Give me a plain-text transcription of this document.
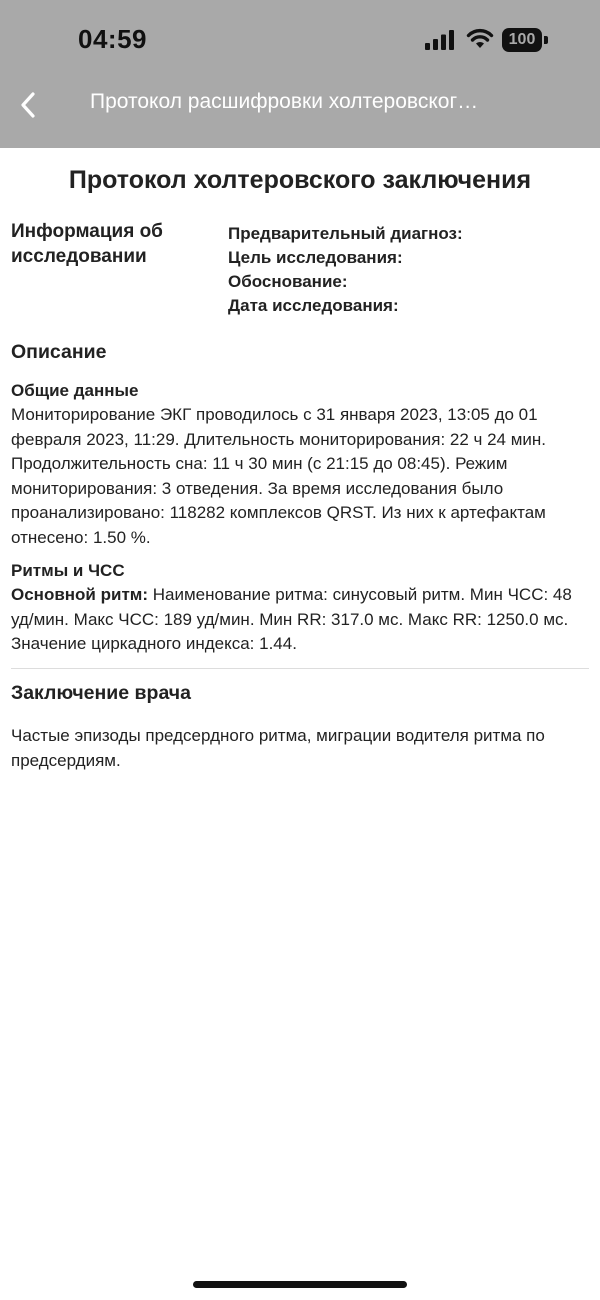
04:59	100
Протокол расшифровки холтеровског…
Протокол холтеровского заключения
Информация об исследовании
Предварительный диагноз:
Цель исследования:
Обоснование:
Дата исследования:
Описание
Общие данные
Мониторирование ЭКГ проводилось с 31 января 2023, 13:05 до 01 февраля 2023, 11:29. Длительность мониторирования: 22 ч 24 мин. Продолжительность сна: 11 ч 30 мин (с 21:15 до 08:45). Режим мониторирования: 3 отведения. За время исследования было проанализировано: 118282 комплексов QRST. Из них к артефактам отнесено: 1.50 %.
Ритмы и ЧСС
Основной ритм: Наименование ритма: синусовый ритм. Мин ЧСС: 48 уд/мин. Макс ЧСС: 189 уд/мин. Мин RR: 317.0 мс. Макс RR: 1250.0 мс. Значение циркадного индекса: 1.44.
Заключение врача
Частые эпизоды предсердного ритма, миграции водителя ритма по предсердиям.
